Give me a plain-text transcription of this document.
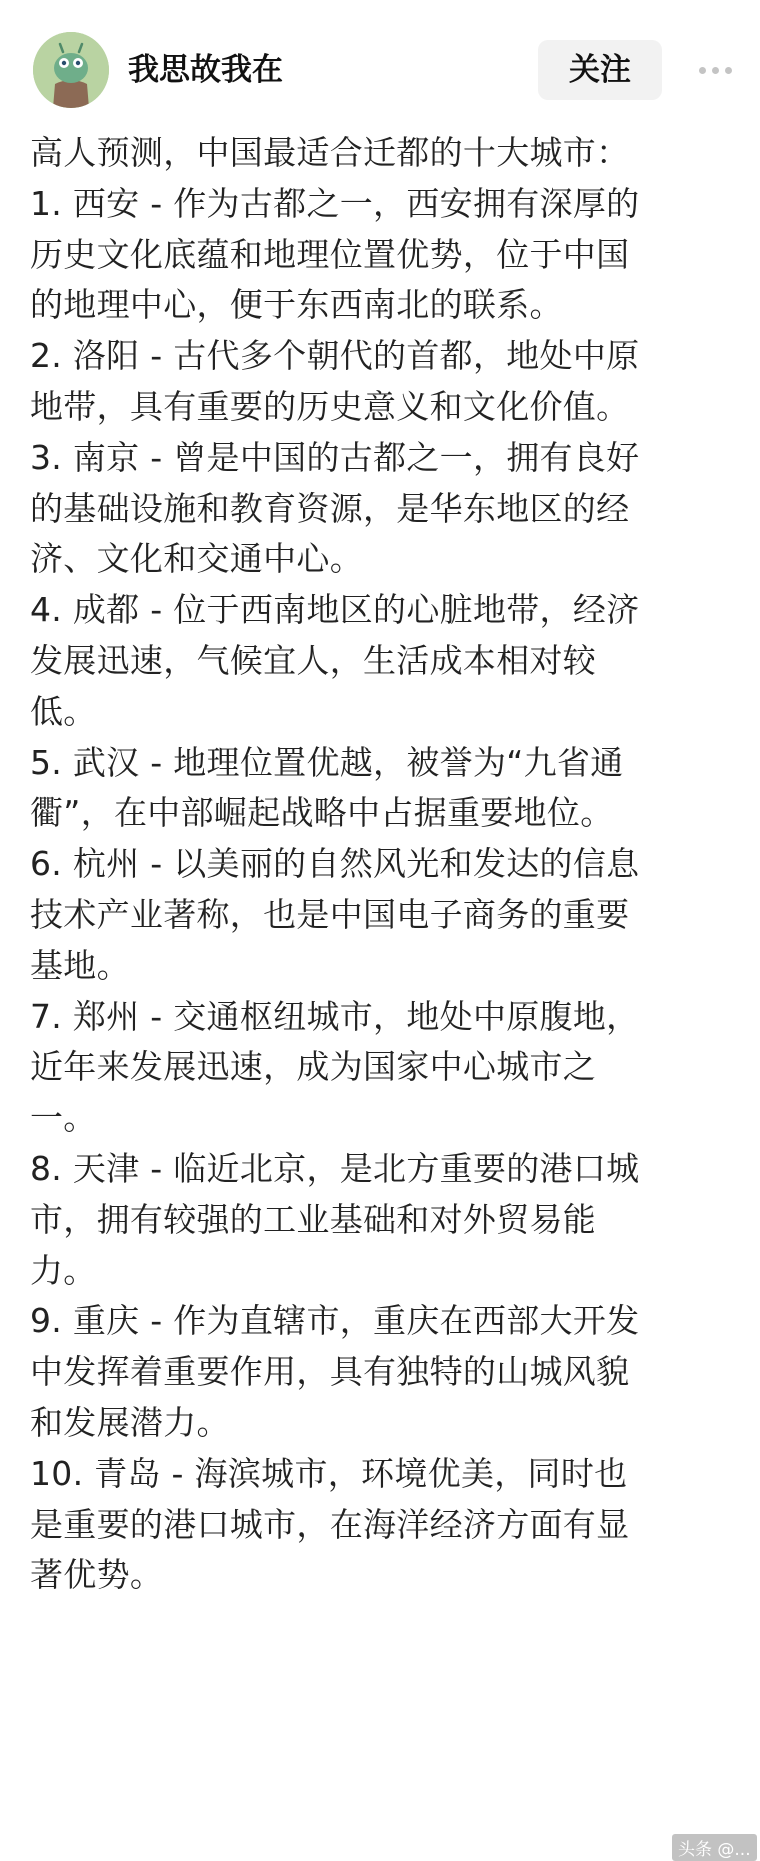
我思故我在	关注
高人预测，中国最适合迁都的十大城市：
1. 西安 - 作为古都之一，西安拥有深厚的
历史文化底蕴和地理位置优势，位于中国
的地理中心，便于东西南北的联系。
2. 洛阳 - 古代多个朝代的首都，地处中原
地带，具有重要的历史意义和文化价值。
3. 南京 - 曾是中国的古都之一，拥有良好
的基础设施和教育资源，是华东地区的经
济、文化和交通中心。
4. 成都 - 位于西南地区的心脏地带，经济
发展迅速，气候宜人，生活成本相对较
低。
5. 武汉 - 地理位置优越，被誉为“九省通
衢”，在中部崛起战略中占据重要地位。
6. 杭州 - 以美丽的自然风光和发达的信息
技术产业著称，也是中国电子商务的重要
基地。
7. 郑州 - 交通枢纽城市，地处中原腹地，
近年来发展迅速，成为国家中心城市之
一。
8. 天津 - 临近北京，是北方重要的港口城
市，拥有较强的工业基础和对外贸易能
力。
9. 重庆 - 作为直辖市，重庆在西部大开发
中发挥着重要作用，具有独特的山城风貌
和发展潜力。
10. 青岛 - 海滨城市，环境优美，同时也
是重要的港口城市，在海洋经济方面有显
著优势。
头条 @...
